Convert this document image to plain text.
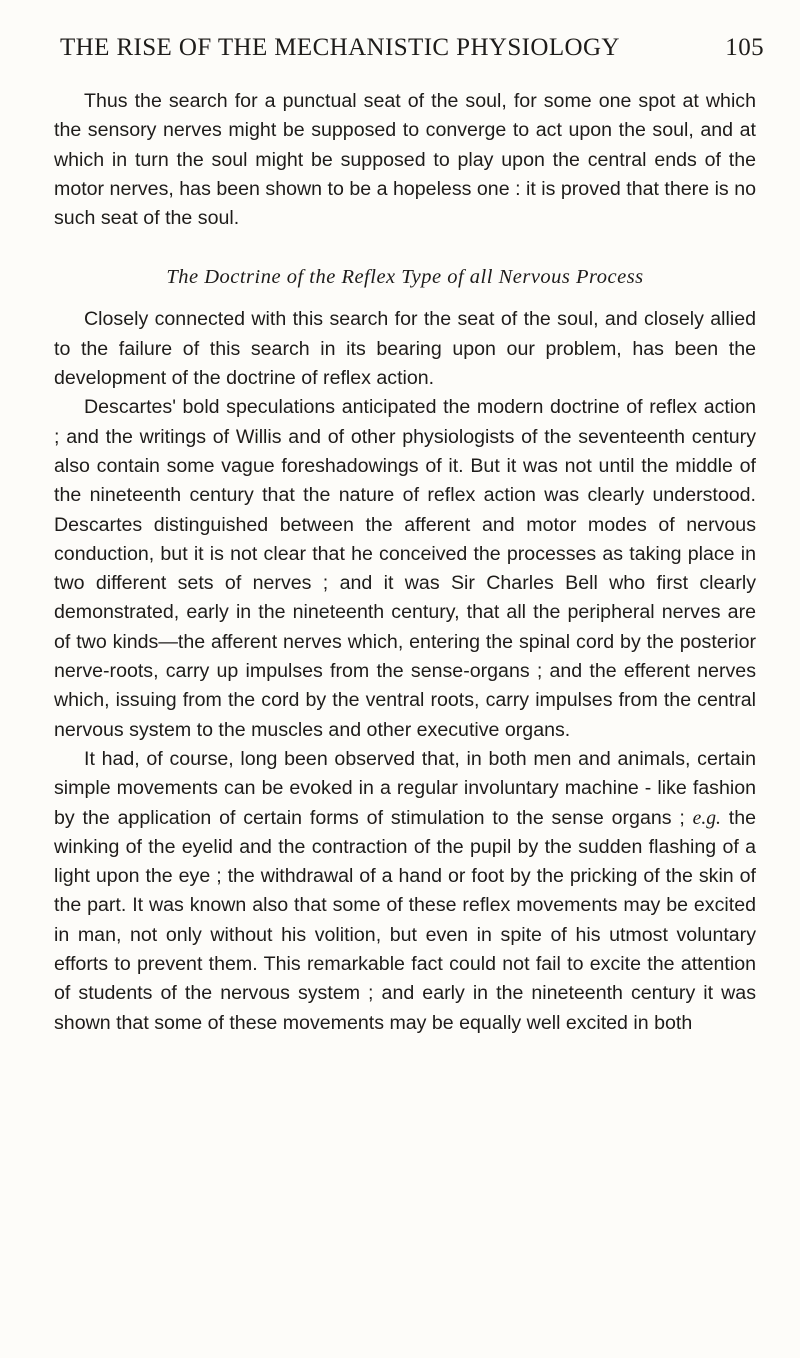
THE RISE OF THE MECHANISTIC PHYSIOLOGY	105

Thus the search for a punctual seat of the soul, for some one spot at which the sensory nerves might be supposed to converge to act upon the soul, and at which in turn the soul might be supposed to play upon the central ends of the motor nerves, has been shown to be a hopeless one : it is proved that there is no such seat of the soul.

The Doctrine of the Reflex Type of all Nervous Process

Closely connected with this search for the seat of the soul, and closely allied to the failure of this search in its bearing upon our problem, has been the development of the doctrine of reflex action.

Descartes' bold speculations anticipated the modern doctrine of reflex action ; and the writings of Willis and of other physiologists of the seventeenth century also contain some vague foreshadowings of it. But it was not until the middle of the nineteenth century that the nature of reflex action was clearly understood. Descartes distinguished between the afferent and motor modes of nervous conduction, but it is not clear that he conceived the processes as taking place in two different sets of nerves ; and it was Sir Charles Bell who first clearly demonstrated, early in the nineteenth century, that all the peripheral nerves are of two kinds—the afferent nerves which, entering the spinal cord by the posterior nerve-roots, carry up impulses from the sense-organs ; and the efferent nerves which, issuing from the cord by the ventral roots, carry impulses from the central nervous system to the muscles and other executive organs.

It had, of course, long been observed that, in both men and animals, certain simple movements can be evoked in a regular involuntary machine - like fashion by the application of certain forms of stimulation to the sense organs ; e.g. the winking of the eyelid and the contraction of the pupil by the sudden flashing of a light upon the eye ; the withdrawal of a hand or foot by the pricking of the skin of the part. It was known also that some of these reflex movements may be excited in man, not only without his volition, but even in spite of his utmost voluntary efforts to prevent them. This remarkable fact could not fail to excite the attention of students of the nervous system ; and early in the nineteenth century it was shown that some of these movements may be equally well excited in both
